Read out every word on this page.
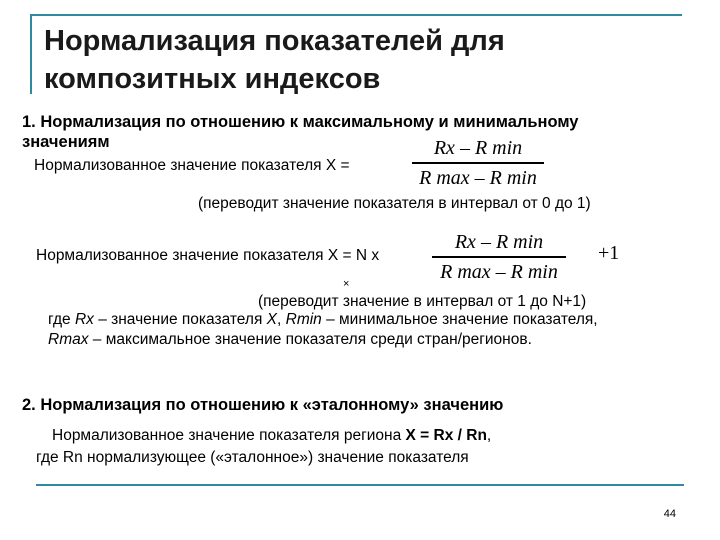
Нормализация показателей для композитных индексов
1. Нормализация по отношению к максимальному и минимальному значениям
Нормализованное значение показателя Х =
Rx – R min
R max – R min
(переводит значение показателя в интервал от 0 до 1)
Нормализованное значение показателя Х = N х
Rx – R min
R max – R min
+1
×
(переводит значение в интервал от 1 до N+1)
где Rx – значение показателя X, Rmin – минимальное значение показателя, Rmax – максимальное значение показателя среди стран/регионов.
2. Нормализация по отношению к «эталонному» значению
Нормализованное значение показателя региона Х = Rx / Rn,
где Rn нормализующее («эталонное») значение показателя
44
